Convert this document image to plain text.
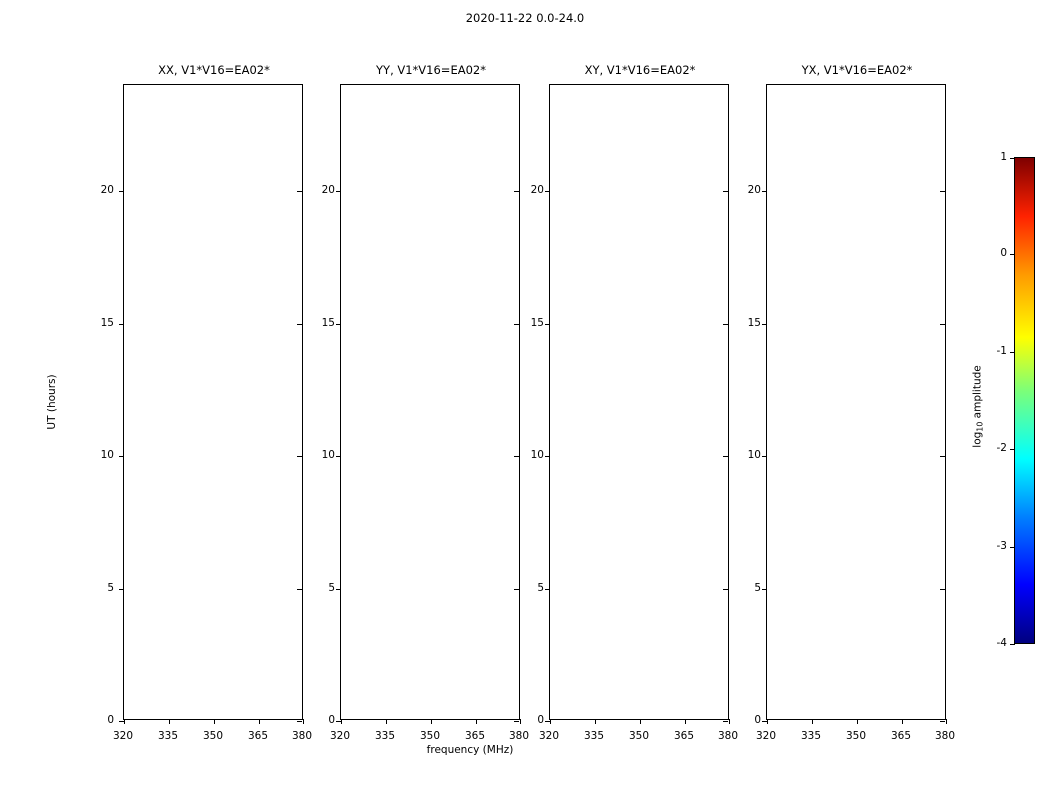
2020-11-22 0.0-24.0
XX, V1*V16=EA02*
0
5
10
15
20
320 335 350 365 380
YY, V1*V16=EA02*
0
5
10
15
20
320 335 350 365 380
XY, V1*V16=EA02*
0
5
10
15
20
320 335 350 365 380
YX, V1*V16=EA02*
0
5
10
15
20
320 335 350 365 380
UT (hours)
frequency (MHz)
-4
-3
-2
-1
0
1
$\log_{10}$ amplitude
